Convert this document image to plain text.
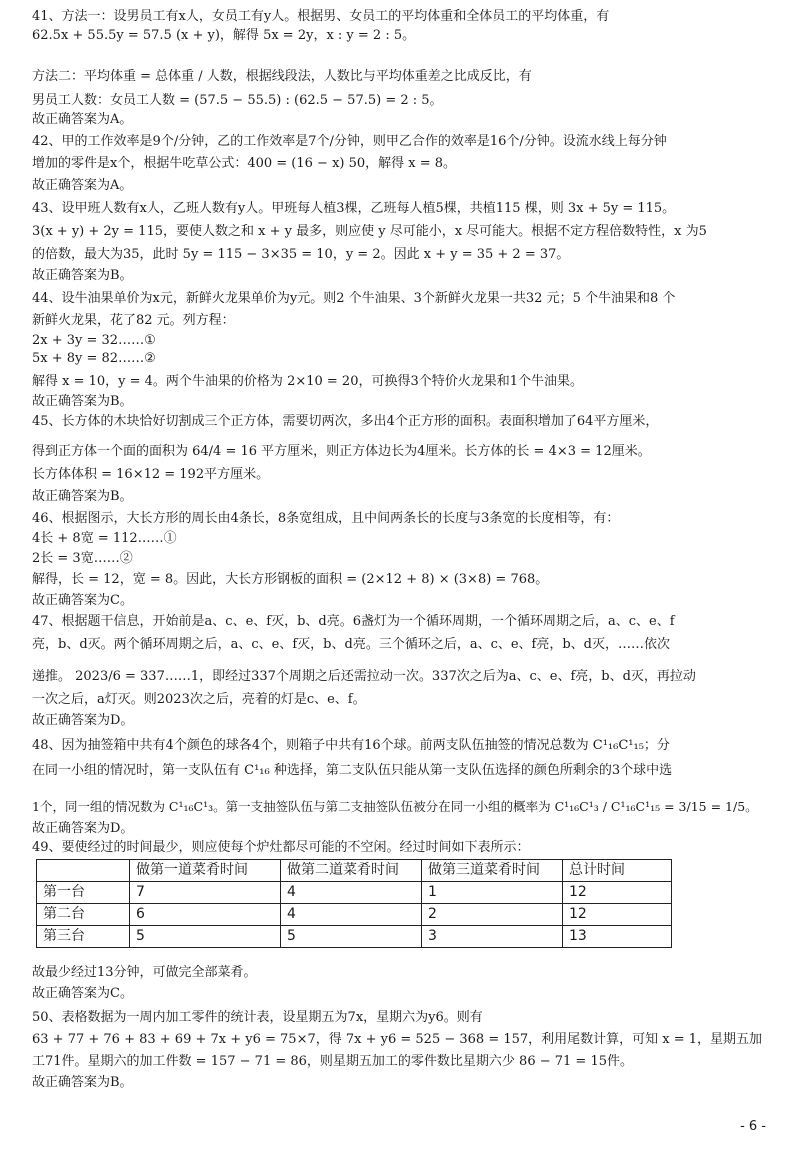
41、方法一：设男员工有x人，女员工有y人。根据男、女员工的平均体重和全体员工的平均体重，有
62.5x + 55.5y = 57.5 (x + y)，解得 5x = 2y，x : y = 2 : 5。
方法二：平均体重 = 总体重 / 人数，根据线段法，人数比与平均体重差之比成反比，有
男员工人数：女员工人数 = (57.5 − 55.5) : (62.5 − 57.5) = 2 : 5。
故正确答案为A。
42、甲的工作效率是9个/分钟，乙的工作效率是7个/分钟，则甲乙合作的效率是16个/分钟。设流水线上每分钟
增加的零件是x个，根据牛吃草公式：400 = (16 − x) 50，解得 x = 8。
故正确答案为A。
43、设甲班人数有x人，乙班人数有y人。甲班每人植3棵，乙班每人植5棵，共植115 棵，则 3x + 5y = 115。
3(x + y) + 2y = 115，要使人数之和 x + y 最多，则应使 y 尽可能小，x 尽可能大。根据不定方程倍数特性，x 为5
的倍数，最大为35，此时 5y = 115 − 3×35 = 10，y = 2。因此 x + y = 35 + 2 = 37。
故正确答案为B。
44、设牛油果单价为x元，新鲜火龙果单价为y元。则2 个牛油果、3个新鲜火龙果一共32 元；5 个牛油果和8 个
新鲜火龙果，花了82 元。列方程：
2x + 3y = 32……①
5x + 8y = 82……②
解得 x = 10，y = 4。两个牛油果的价格为 2×10 = 20，可换得3个特价火龙果和1个牛油果。
故正确答案为B。
45、长方体的木块恰好切割成三个正方体，需要切两次，多出4个正方形的面积。表面积增加了64平方厘米，
得到正方体一个面的面积为 64/4 = 16 平方厘米，则正方体边长为4厘米。长方体的长 = 4×3 = 12厘米。
长方体体积 = 16×12 = 192平方厘米。
故正确答案为B。
46、根据图示，大长方形的周长由4条长，8条宽组成，且中间两条长的长度与3条宽的长度相等，有：
4长 + 8宽 = 112……①
2长 = 3宽……②
解得，长 = 12，宽 = 8。因此，大长方形钢板的面积 = (2×12 + 8) × (3×8) = 768。
故正确答案为C。
47、根据题干信息，开始前是a、c、e、f灭，b、d亮。6盏灯为一个循环周期，一个循环周期之后，a、c、e、f
亮，b、d灭。两个循环周期之后，a、c、e、f灭，b、d亮。三个循环之后，a、c、e、f亮，b、d灭，……依次
递推。 2023/6 = 337……1，即经过337个周期之后还需拉动一次。337次之后为a、c、e、f亮，b、d灭，再拉动
一次之后，a灯灭。则2023次之后，亮着的灯是c、e、f。
故正确答案为D。
48、因为抽签箱中共有4个颜色的球各4个，则箱子中共有16个球。前两支队伍抽签的情况总数为 C¹₁₆C¹₁₅；分
在同一小组的情况时，第一支队伍有 C¹₁₆ 种选择，第二支队伍只能从第一支队伍选择的颜色所剩余的3个球中选
1个，同一组的情况数为 C¹₁₆C¹₃。第一支抽签队伍与第二支抽签队伍被分在同一小组的概率为 C¹₁₆C¹₃ / C¹₁₆C¹₁₅ = 3/15 = 1/5。
故正确答案为D。
49、要使经过的时间最少，则应使每个炉灶都尽可能的不空闲。经过时间如下表所示：
	做第一道菜肴时间	做第二道菜肴时间	做第三道菜肴时间	总计时间
第一台	7	4	1	12
第二台	6	4	2	12
第三台	5	5	3	13
故最少经过13分钟，可做完全部菜肴。
故正确答案为C。
50、表格数据为一周内加工零件的统计表，设星期五为7x，星期六为y6。则有
63 + 77 + 76 + 83 + 69 + 7x + y6 = 75×7，得 7x + y6 = 525 − 368 = 157，利用尾数计算，可知 x = 1，星期五加
工71件。星期六的加工件数 = 157 − 71 = 86，则星期五加工的零件数比星期六少 86 − 71 = 15件。
故正确答案为B。
- 6 -
